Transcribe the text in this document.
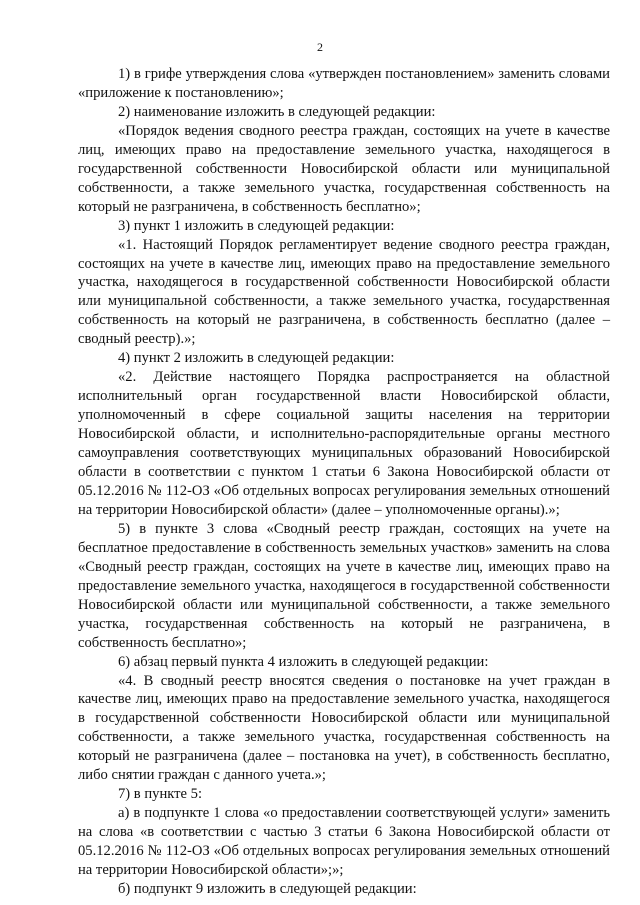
2

1) в грифе утверждения слова «утвержден постановлением» заменить словами «приложение к постановлению»;

2) наименование изложить в следующей редакции:

«Порядок ведения сводного реестра граждан, состоящих на учете в качестве лиц, имеющих право на предоставление земельного участка, находящегося в государственной собственности Новосибирской области или муниципальной собственности, а также земельного участка, государственная собственность на который не разграничена, в собственность бесплатно»;

3) пункт 1 изложить в следующей редакции:

«1. Настоящий Порядок регламентирует ведение сводного реестра граждан, состоящих на учете в качестве лиц, имеющих право на предоставление земельного участка, находящегося в государственной собственности Новосибирской области или муниципальной собственности, а также земельного участка, государственная собственность на который не разграничена, в собственность бесплатно (далее – сводный реестр).»;

4) пункт 2 изложить в следующей редакции:

«2. Действие настоящего Порядка распространяется на областной исполнительный орган государственной власти Новосибирской области, уполномоченный в сфере социальной защиты населения на территории Новосибирской области, и исполнительно-распорядительные органы местного самоуправления соответствующих муниципальных образований Новосибирской области в соответствии с пунктом 1 статьи 6 Закона Новосибирской области от 05.12.2016 № 112-ОЗ «Об отдельных вопросах регулирования земельных отношений на территории Новосибирской области» (далее – уполномоченные органы).»;

5) в пункте 3 слова «Сводный реестр граждан, состоящих на учете на бесплатное предоставление в собственность земельных участков» заменить на слова «Сводный реестр граждан, состоящих на учете в качестве лиц, имеющих право на предоставление земельного участка, находящегося в государственной собственности Новосибирской области или муниципальной собственности, а также земельного участка, государственная собственность на который не разграничена, в собственность бесплатно»;

6) абзац первый пункта 4 изложить в следующей редакции:

«4. В сводный реестр вносятся сведения о постановке на учет граждан в качестве лиц, имеющих право на предоставление земельного участка, находящегося в государственной собственности Новосибирской области или муниципальной собственности, а также земельного участка, государственная собственность на который не разграничена (далее – постановка на учет), в собственность бесплатно, либо снятии граждан с данного учета.»;

7) в пункте 5:

а) в подпункте 1 слова «о предоставлении соответствующей услуги» заменить на слова «в соответствии с частью 3 статьи 6 Закона Новосибирской области от 05.12.2016 № 112-ОЗ «Об отдельных вопросах регулирования земельных отношений на территории Новосибирской области»;»;

б) подпункт 9 изложить в следующей редакции:
